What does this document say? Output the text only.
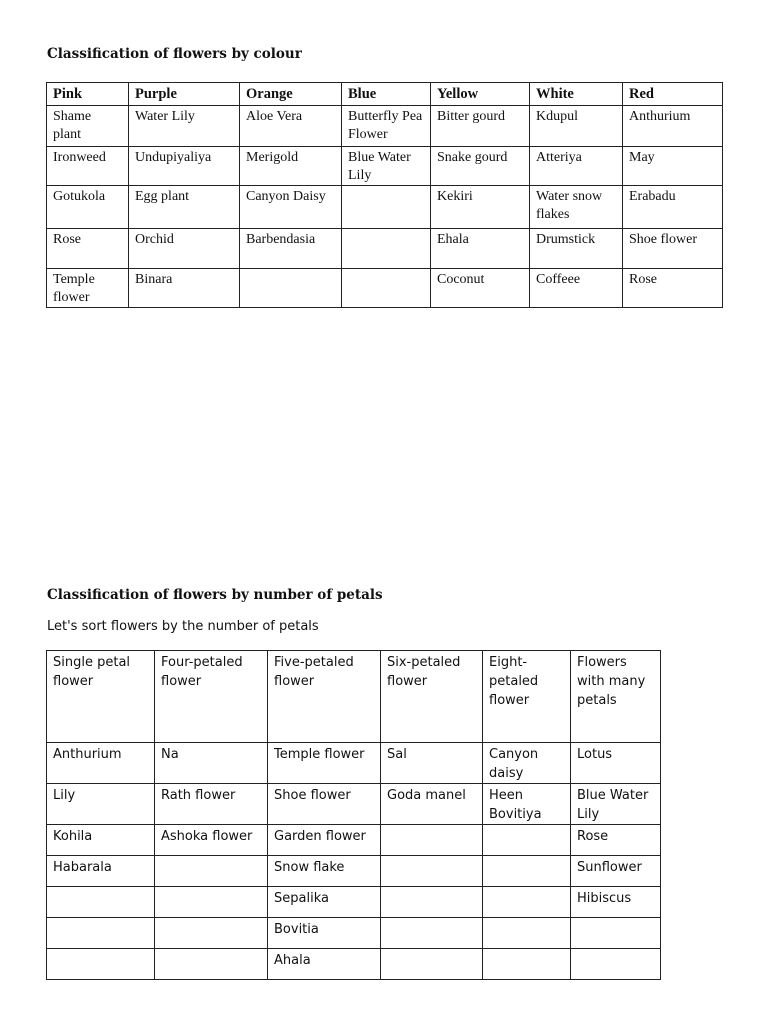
Classification of flowers by colour
Pink	Purple	Orange	Blue	Yellow	White	Red
Shame plant	Water Lily	Aloe Vera	Butterfly Pea Flower	Bitter gourd	Kdupul	Anthurium
Ironweed	Undupiyaliya	Merigold	Blue Water Lily	Snake gourd	Atteriya	May
Gotukola	Egg plant	Canyon Daisy		Kekiri	Water snow flakes	Erabadu
Rose	Orchid	Barbendasia		Ehala	Drumstick	Shoe flower
Temple flower	Binara			Coconut	Coffeee	Rose
Classification of flowers by number of petals

Let's sort flowers by the number of petals

Single petal flower	Four-petaled flower	Five-petaled flower	Six-petaled flower	Eight-petaled flower	Flowers with many petals
Anthurium	Na	Temple flower	Sal	Canyon daisy	Lotus
Lily	Rath flower	Shoe flower	Goda manel	Heen Bovitiya	Blue Water Lily
Kohila	Ashoka flower	Garden flower			Rose
Habarala		Snow flake			Sunflower
		Sepalika			Hibiscus
		Bovitia			
		Ahala			
